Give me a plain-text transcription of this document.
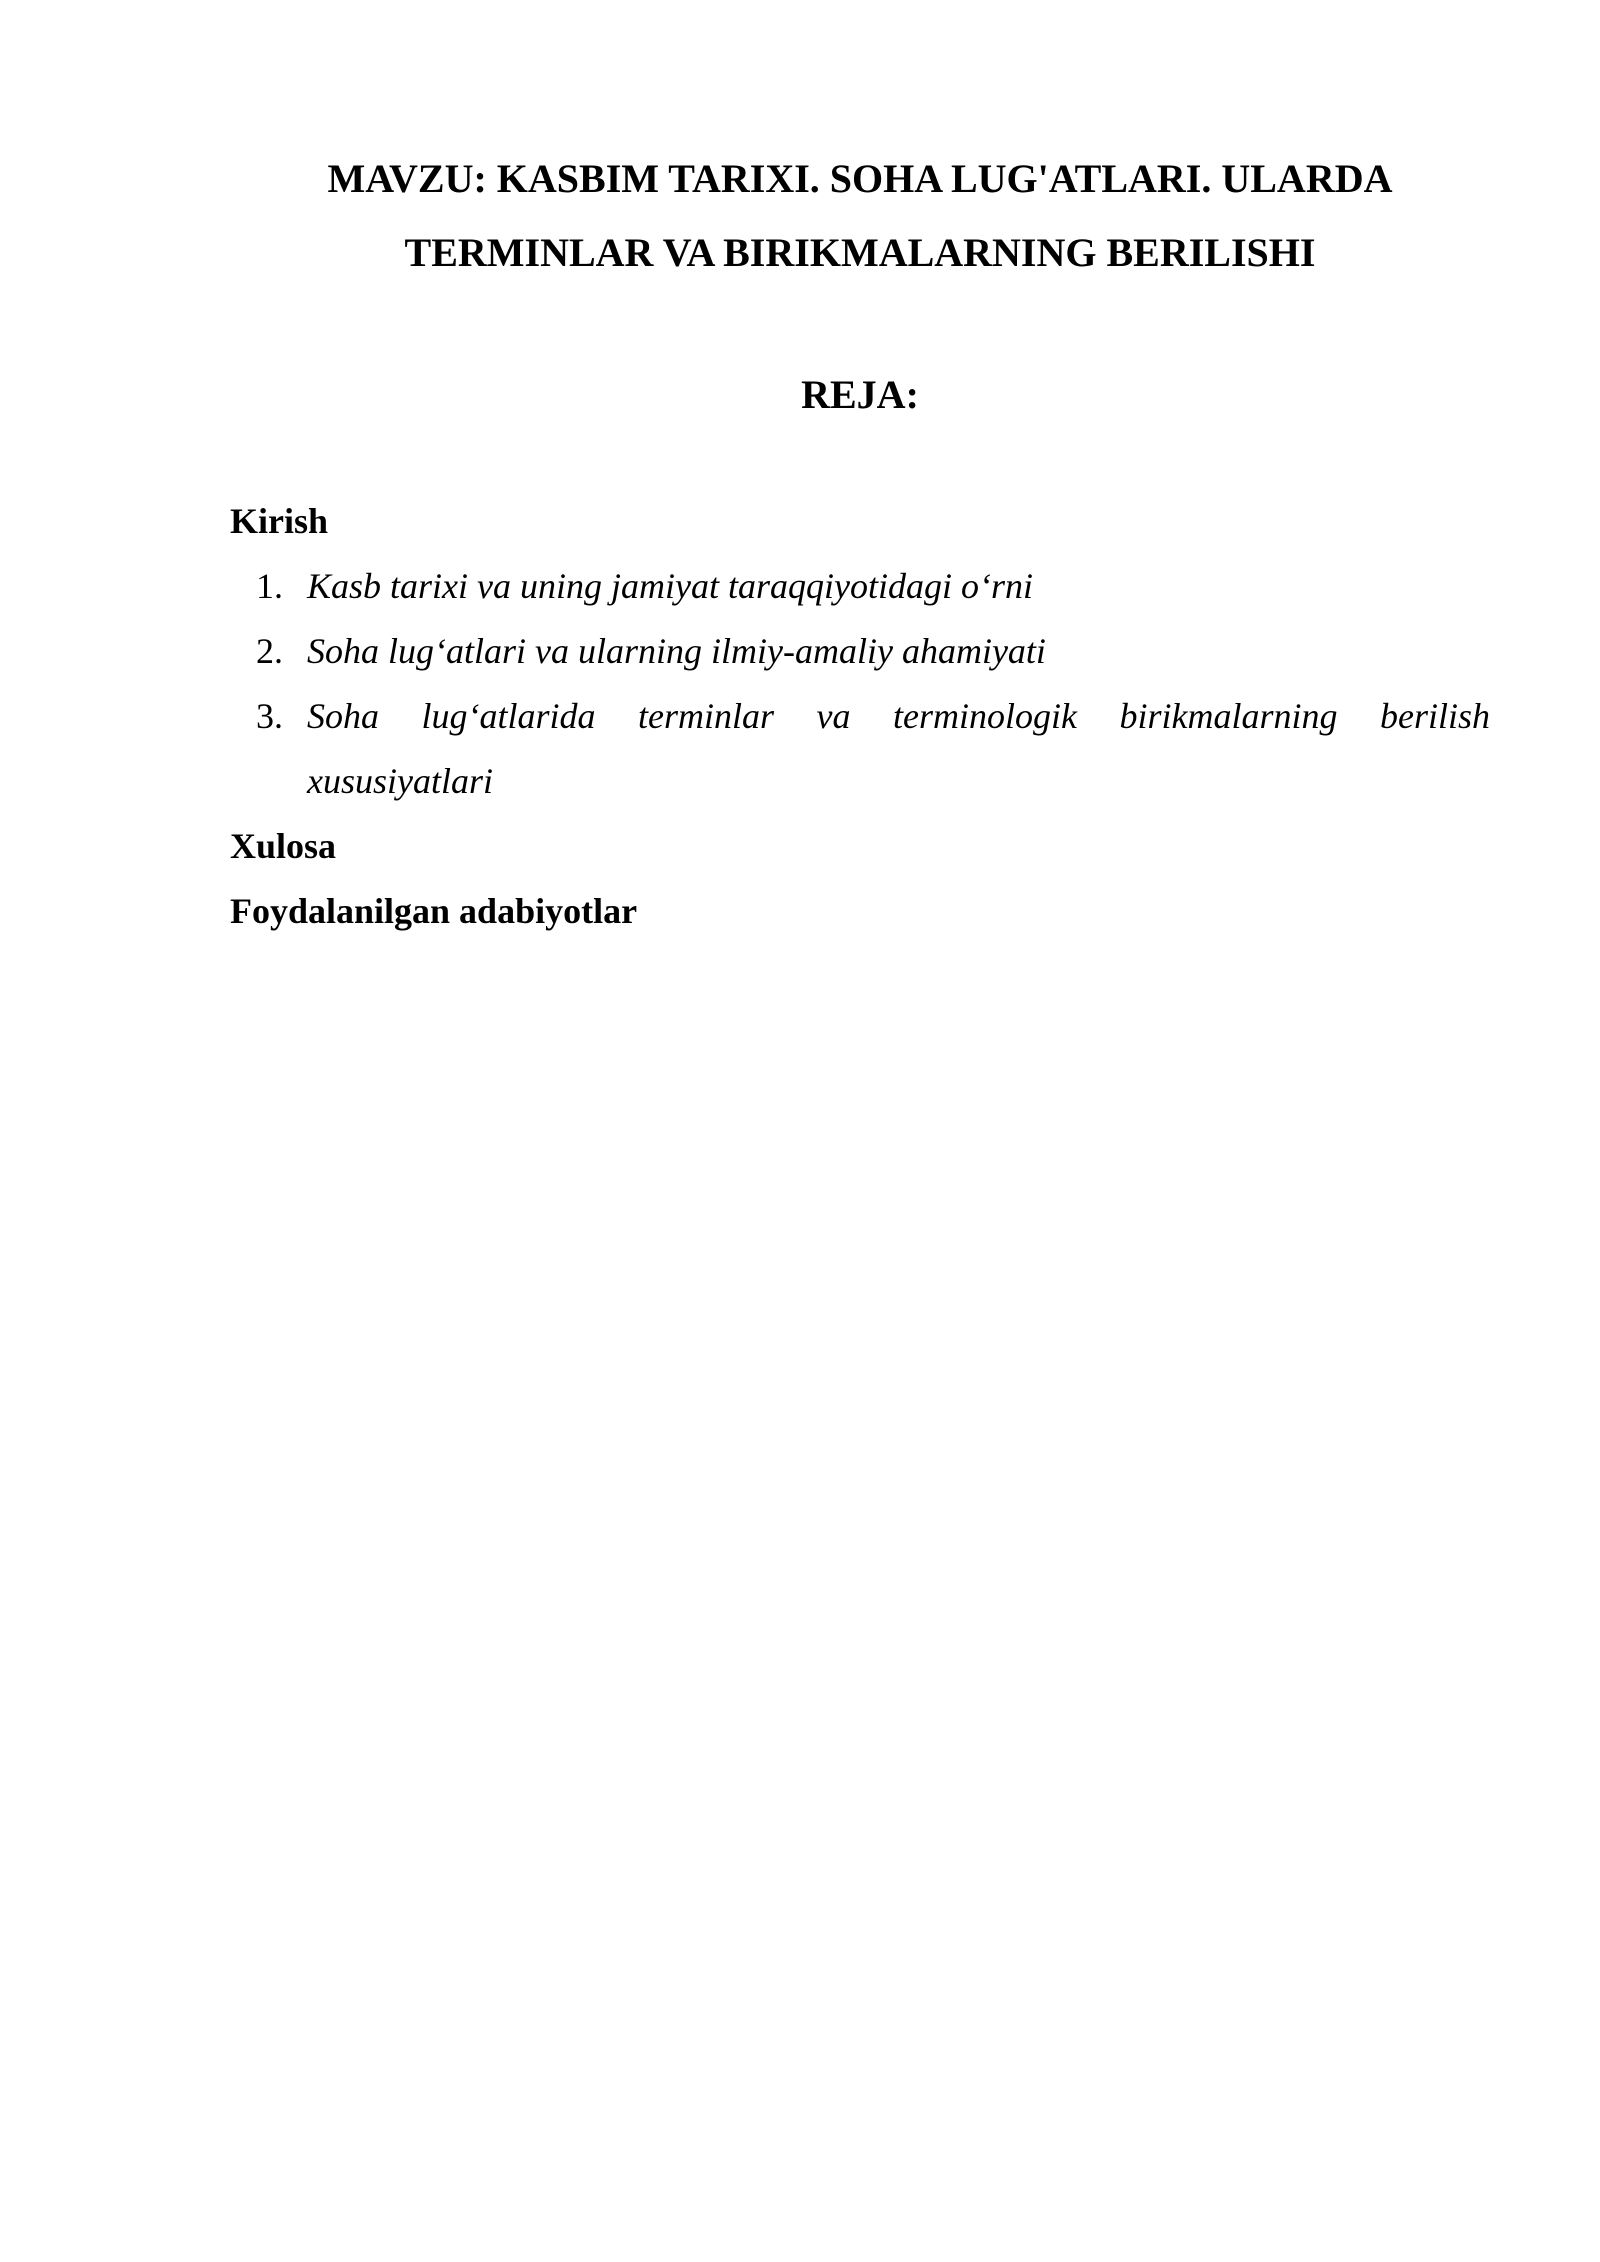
MAVZU: KASBIM TARIXI. SOHA LUG'ATLARI. ULARDA
TERMINLAR VA BIRIKMALARNING BERILISHI
REJA:
Kirish
1. Kasb tarixi va uning jamiyat taraqqiyotidagi o‘rni
2. Soha lug‘atlari va ularning ilmiy-amaliy ahamiyati
3. Soha lug‘atlarida terminlar va terminologik birikmalarning berilish
xususiyatlari
Xulosa
Foydalanilgan adabiyotlar
